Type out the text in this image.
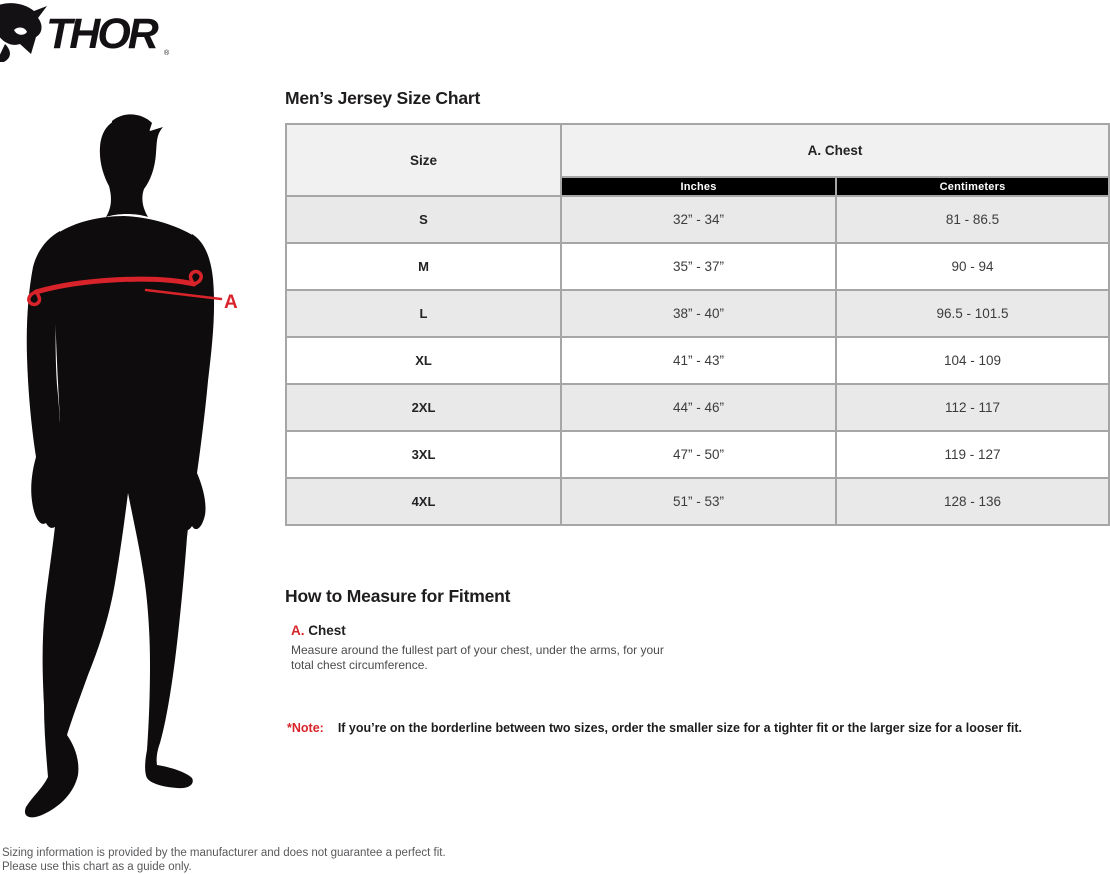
THOR	®
A
Men’s Jersey Size Chart
Size	A. Chest	
	Inches	Centimeters
S	32” - 34”	81 - 86.5
M	35” - 37”	90 - 94
L	38” - 40”	96.5 - 101.5
XL	41” - 43”	104 - 109
2XL	44” - 46”	112 - 117
3XL	47” - 50”	119 - 127
4XL	51” - 53”	128 - 136
How to Measure for Fitment
A. Chest
Measure around the fullest part of your chest, under the arms, for your total chest circumference.
*Note: If you’re on the borderline between two sizes, order the smaller size for a tighter fit or the larger size for a looser fit.
Sizing information is provided by the manufacturer and does not guarantee a perfect fit.
Please use this chart as a guide only.
